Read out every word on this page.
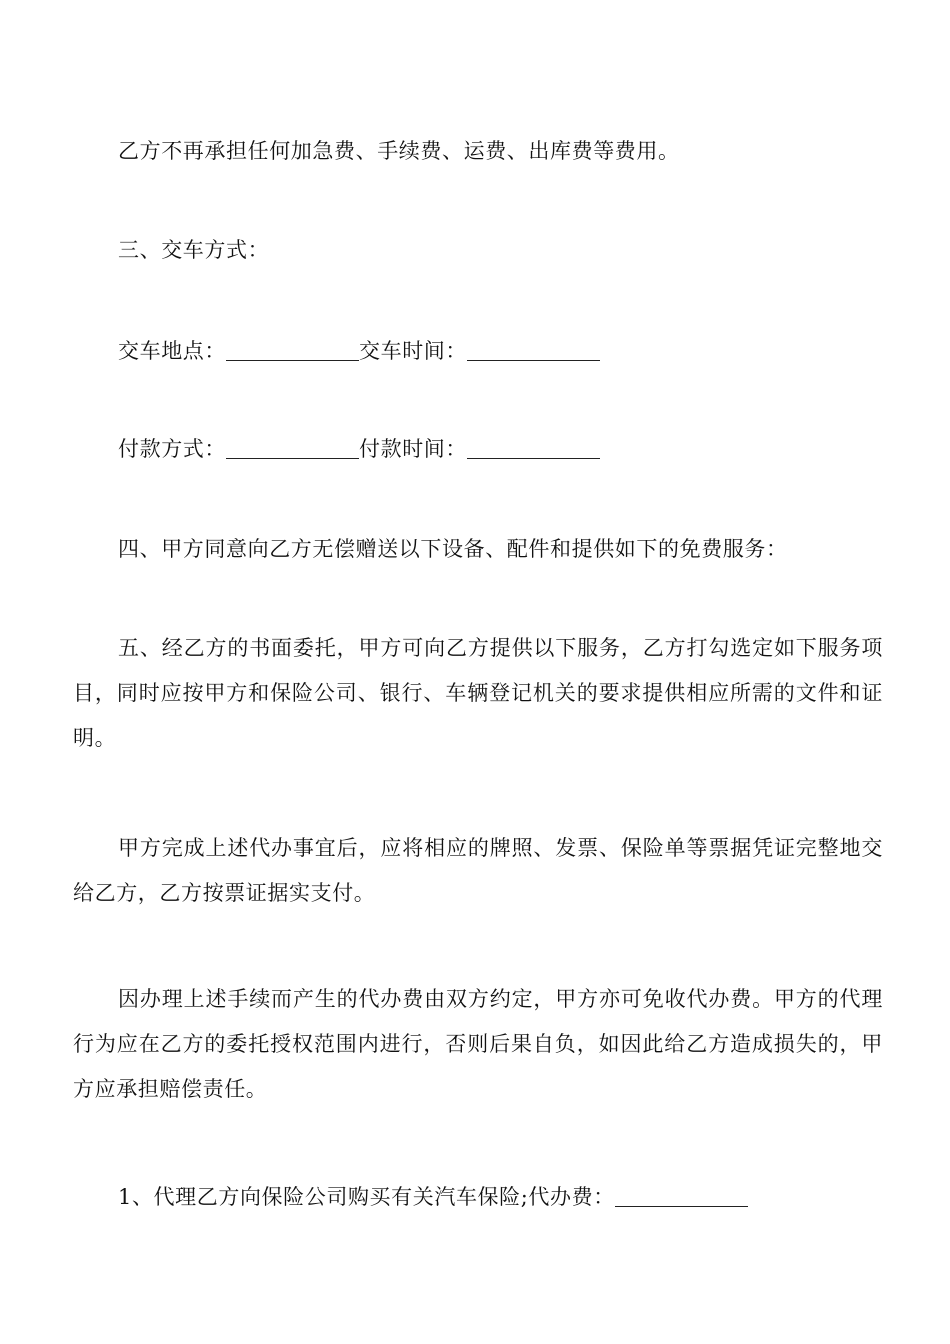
乙方不再承担任何加急费、手续费、运费、出库费等费用。
三、交车方式：
交车地点：	交车时间：
付款方式：	付款时间：
四、甲方同意向乙方无偿赠送以下设备、配件和提供如下的免费服务：
五、经乙方的书面委托，甲方可向乙方提供以下服务，乙方打勾选定如下服务项目，同时应按甲方和保险公司、银行、车辆登记机关的要求提供相应所需的文件和证明。
甲方完成上述代办事宜后，应将相应的牌照、发票、保险单等票据凭证完整地交给乙方，乙方按票证据实支付。
因办理上述手续而产生的代办费由双方约定，甲方亦可免收代办费。甲方的代理行为应在乙方的委托授权范围内进行，否则后果自负，如因此给乙方造成损失的，甲方应承担赔偿责任。
1、代理乙方向保险公司购买有关汽车保险;代办费：
